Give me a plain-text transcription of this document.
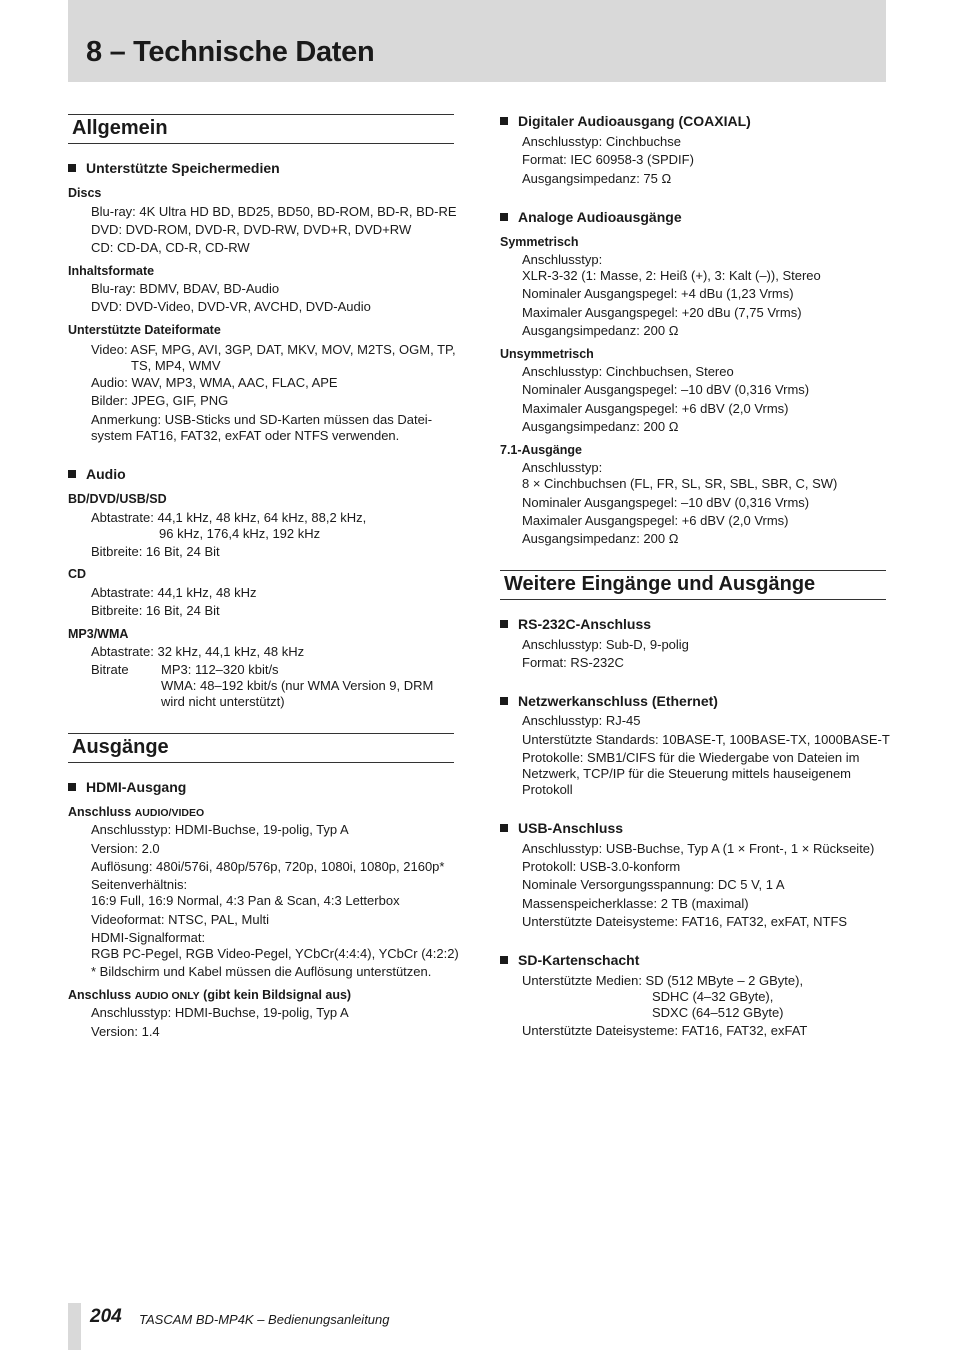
8 – Technische Daten
Allgemein
Unterstützte Speichermedien
Discs
Blu-ray: 4K Ultra HD BD, BD25, BD50, BD-ROM, BD-R, BD-RE
DVD: DVD-ROM, DVD-R, DVD-RW, DVD+R, DVD+RW
CD: CD-DA, CD-R, CD-RW
Inhaltsformate
Blu-ray: BDMV, BDAV, BD-Audio
DVD: DVD-Video, DVD-VR, AVCHD, DVD-Audio
Unterstützte Dateiformate
Video: ASF, MPG, AVI, 3GP, DAT, MKV, MOV, M2TS, OGM, TP,
TS, MP4, WMV
Audio: WAV, MP3, WMA, AAC, FLAC, APE
Bilder: JPEG, GIF, PNG
Anmerkung: USB-Sticks und SD-Karten müssen das Datei-
system FAT16, FAT32, exFAT oder NTFS verwenden.
Audio
BD/DVD/USB/SD
Abtastrate: 44,1 kHz, 48 kHz, 64 kHz, 88,2 kHz,
96 kHz, 176,4 kHz, 192 kHz
Bitbreite: 16 Bit, 24 Bit
CD
Abtastrate: 44,1 kHz, 48 kHz
Bitbreite: 16 Bit, 24 Bit
MP3/WMA
Abtastrate: 32 kHz, 44,1 kHz, 48 kHz
Bitrate MP3: 112–320 kbit/s
WMA: 48–192 kbit/s (nur WMA Version 9, DRM
wird nicht unterstützt)
Ausgänge
HDMI-Ausgang
Anschluss AUDIO/VIDEO
Anschlusstyp: HDMI-Buchse, 19-polig, Typ A
Version: 2.0
Auflösung: 480i/576i, 480p/576p, 720p, 1080i, 1080p, 2160p*
Seitenverhältnis:
16:9 Full, 16:9 Normal, 4:3 Pan & Scan, 4:3 Letterbox
Videoformat: NTSC, PAL, Multi
HDMI-Signalformat:
RGB PC-Pegel, RGB Video-Pegel, YCbCr(4:4:4), YCbCr (4:2:2)
* Bildschirm und Kabel müssen die Auflösung unterstützen.
Anschluss AUDIO ONLY (gibt kein Bildsignal aus)
Anschlusstyp: HDMI-Buchse, 19-polig, Typ A
Version: 1.4
Digitaler Audioausgang (COAXIAL)
Anschlusstyp: Cinchbuchse
Format: IEC 60958-3 (SPDIF)
Ausgangsimpedanz: 75 Ω
Analoge Audioausgänge
Symmetrisch
Anschlusstyp:
XLR-3-32 (1: Masse, 2: Heiß (+), 3: Kalt (–)), Stereo
Nominaler Ausgangspegel: +4 dBu (1,23 Vrms)
Maximaler Ausgangspegel: +20 dBu (7,75 Vrms)
Ausgangsimpedanz: 200 Ω
Unsymmetrisch
Anschlusstyp: Cinchbuchsen, Stereo
Nominaler Ausgangspegel: –10 dBV (0,316 Vrms)
Maximaler Ausgangspegel: +6 dBV (2,0 Vrms)
Ausgangsimpedanz: 200 Ω
7.1-Ausgänge
Anschlusstyp:
8 × Cinchbuchsen (FL, FR, SL, SR, SBL, SBR, C, SW)
Nominaler Ausgangspegel: –10 dBV (0,316 Vrms)
Maximaler Ausgangspegel: +6 dBV (2,0 Vrms)
Ausgangsimpedanz: 200 Ω
Weitere Eingänge und Ausgänge
RS-232C-Anschluss
Anschlusstyp: Sub-D, 9-polig
Format: RS-232C
Netzwerkanschluss (Ethernet)
Anschlusstyp: RJ-45
Unterstützte Standards: 10BASE-T, 100BASE-TX, 1000BASE-T
Protokolle: SMB1/CIFS für die Wiedergabe von Dateien im
Netzwerk, TCP/IP für die Steuerung mittels hauseigenem
Protokoll
USB-Anschluss
Anschlusstyp: USB-Buchse, Typ A (1 × Front-, 1 × Rückseite)
Protokoll: USB-3.0-konform
Nominale Versorgungsspannung: DC 5 V, 1 A
Massenspeicherklasse: 2 TB (maximal)
Unterstützte Dateisysteme: FAT16, FAT32, exFAT, NTFS
SD-Kartenschacht
Unterstützte Medien: SD (512 MByte – 2 GByte),
SDHC (4–32 GByte),
SDXC (64–512 GByte)
Unterstützte Dateisysteme: FAT16, FAT32, exFAT
204 TASCAM BD-MP4K – Bedienungsanleitung
